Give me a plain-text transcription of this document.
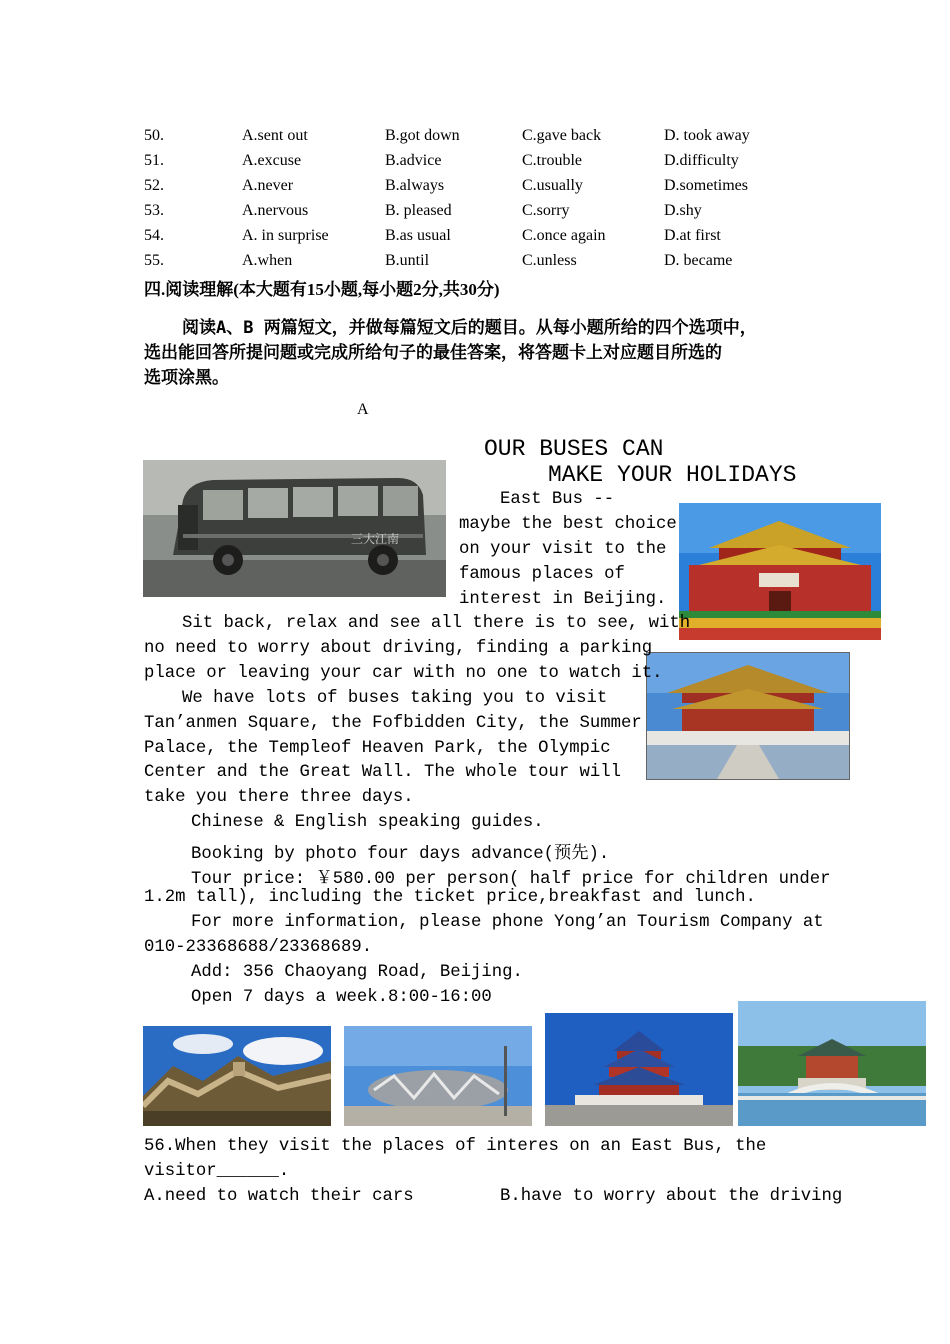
50.	A.sent out	B.got down	C.gave back	D. took away
51.	A.excuse	B.advice	C.trouble	D.difficulty
52.	A.never	B.always	C.usually	D.sometimes
53.	A.nervous	B. pleased	C.sorry	D.shy
54.	A. in surprise	B.as usual	C.once again	D.at first
55.	A.when	B.until	C.unless	D. became
四.阅读理解(本大题有15小题,每小题2分,共30分)
阅读A、B 两篇短文，并做每篇短文后的题目。从每小题所给的四个选项中，
选出能回答所提问题或完成所给句子的最佳答案，将答题卡上对应题目所选的
选项涂黑。
A
OUR BUSES CAN
MAKE YOUR HOLIDAYS
三大江南
East Bus --
maybe the best choice
on your visit to the
famous places of
interest in Beijing.
Sit back, relax and see all there is to see, with
no need to worry about driving, finding a parking
place or leaving your car with no one to watch it.
We have lots of buses taking you to visit
Tan’anmen Square, the Fofbidden City, the Summer
Palace, the Templeof Heaven Park, the Olympic
Center and the Great Wall. The whole tour will
take you there three days.
Chinese & English speaking guides.
Booking by photo four days advance(预先).
Tour price: ￥580.00 per person( half price for children under
1.2m tall), including the ticket price,breakfast and lunch.
For more information, please phone Yong’an Tourism Company at
010-23368688/23368689.
Add: 356 Chaoyang Road, Beijing.
Open 7 days a week.8:00-16:00
56.When they visit the places of interes on an East Bus, the
visitor______.
A.need to watch their cars	B.have to worry about the driving
